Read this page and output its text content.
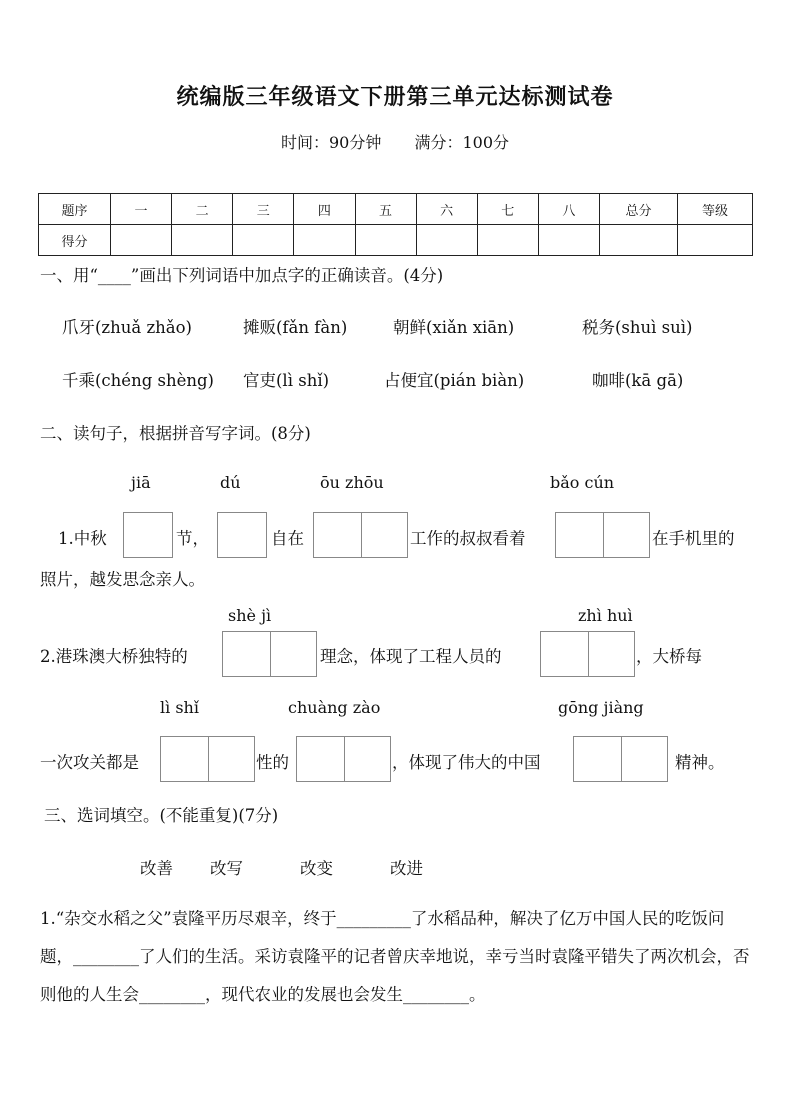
统编版三年级语文下册第三单元达标测试卷
时间：90分钟 满分：100分
题序	一	二	三	四	五	六	七	八	总分	等级
得分										
一、用“____”画出下列词语中加点字的正确读音。(4分)
爪牙(zhuǎ zhǎo)	摊贩(fǎn fàn)	朝鲜(xiǎn xiān)	税务(shuì suì)
千乘(chéng shèng) 官吏(lì shǐ)	占便宜(pián biàn)	咖啡(kā gā)
二、读句子，根据拼音写字词。(8分)
jiā	dú	ōu zhōu	bǎo cún
1.中秋	节，	自在	工作的叔叔看着	在手机里的
照片，越发思念亲人。
shè jì	zhì huì
2.港珠澳大桥独特的	理念，体现了工程人员的	，大桥每
lì shǐ	chuàng zào	gōng jiàng
一次攻关都是	性的	，体现了伟大的中国	精神。
三、选词填空。(不能重复)(7分)
改善 改写	改变	改进
1.“杂交水稻之父”袁隆平历尽艰辛，终于_________了水稻品种，解决了亿万中国人民的吃饭问题，________了人们的生活。采访袁隆平的记者曾庆幸地说，幸亏当时袁隆平错失了两次机会，否则他的人生会________，现代农业的发展也会发生________。
